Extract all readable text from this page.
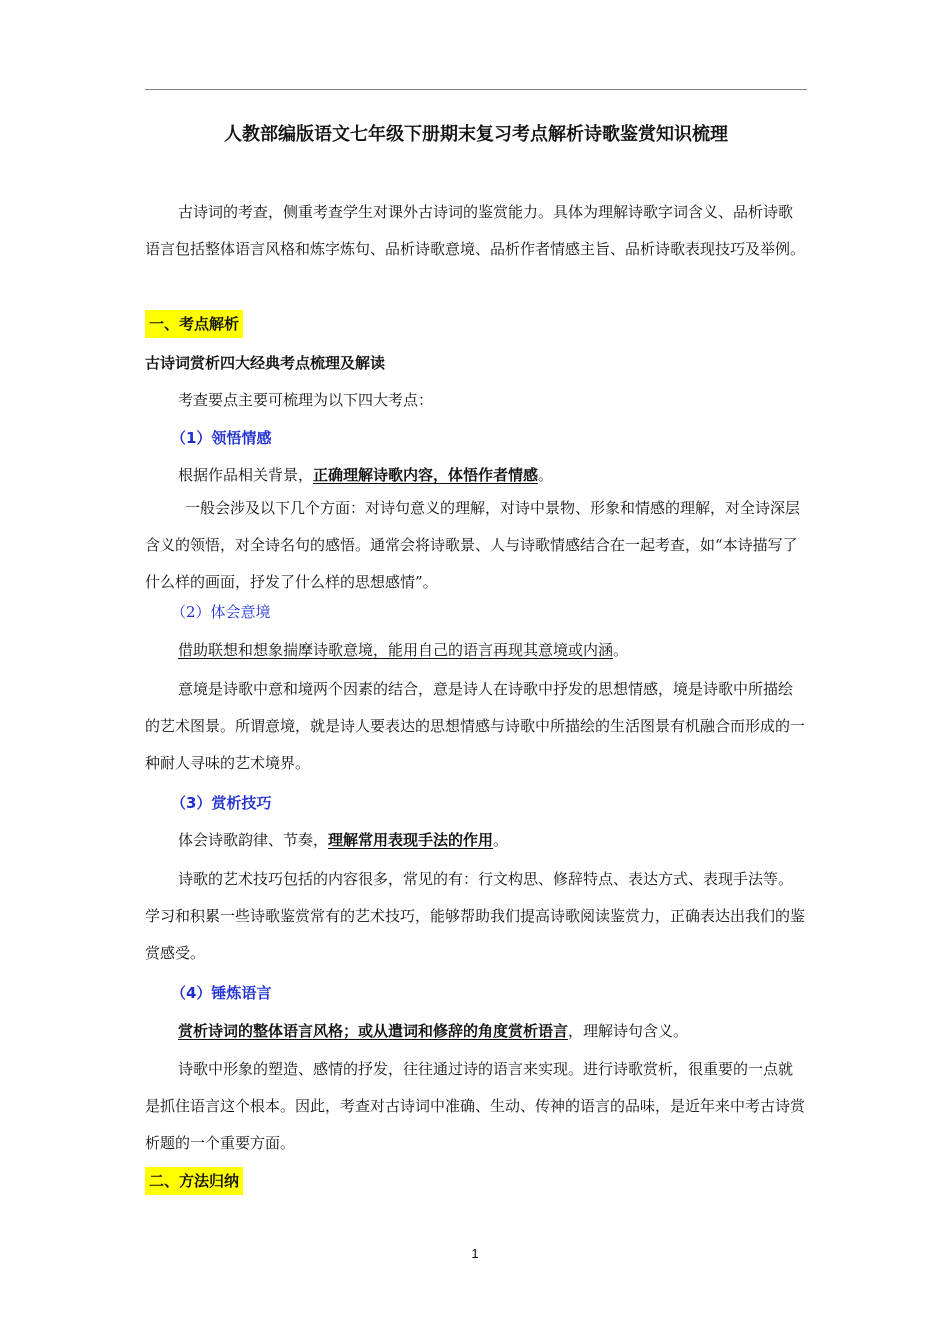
人教部编版语文七年级下册期末复习考点解析诗歌鉴赏知识梳理

古诗词的考查，侧重考查学生对课外古诗词的鉴赏能力。具体为理解诗歌字词含义、品析诗歌语言包括整体语言风格和炼字炼句、品析诗歌意境、品析作者情感主旨、品析诗歌表现技巧及举例。

一、考点解析
古诗词赏析四大经典考点梳理及解读
考查要点主要可梳理为以下四大考点：
（1）领悟情感
根据作品相关背景，正确理解诗歌内容，体悟作者情感。

一般会涉及以下几个方面：对诗句意义的理解，对诗中景物、形象和情感的理解，对全诗深层含义的领悟，对全诗名句的感悟。通常会将诗歌景、人与诗歌情感结合在一起考查，如“本诗描写了什么样的画面，抒发了什么样的思想感情”。

（2）体会意境
借助联想和想象揣摩诗歌意境，能用自己的语言再现其意境或内涵。

意境是诗歌中意和境两个因素的结合，意是诗人在诗歌中抒发的思想情感，境是诗歌中所描绘的艺术图景。所谓意境，就是诗人要表达的思想情感与诗歌中所描绘的生活图景有机融合而形成的一种耐人寻味的艺术境界。

（3）赏析技巧
体会诗歌韵律、节奏，理解常用表现手法的作用。

诗歌的艺术技巧包括的内容很多，常见的有：行文构思、修辞特点、表达方式、表现手法等。学习和积累一些诗歌鉴赏常有的艺术技巧，能够帮助我们提高诗歌阅读鉴赏力，正确表达出我们的鉴赏感受。

（4）锤炼语言
赏析诗词的整体语言风格；或从遣词和修辞的角度赏析语言，理解诗句含义。

诗歌中形象的塑造、感情的抒发，往往通过诗的语言来实现。进行诗歌赏析，很重要的一点就是抓住语言这个根本。因此，考查对古诗词中准确、生动、传神的语言的品味，是近年来中考古诗赏析题的一个重要方面。

二、方法归纳
1
